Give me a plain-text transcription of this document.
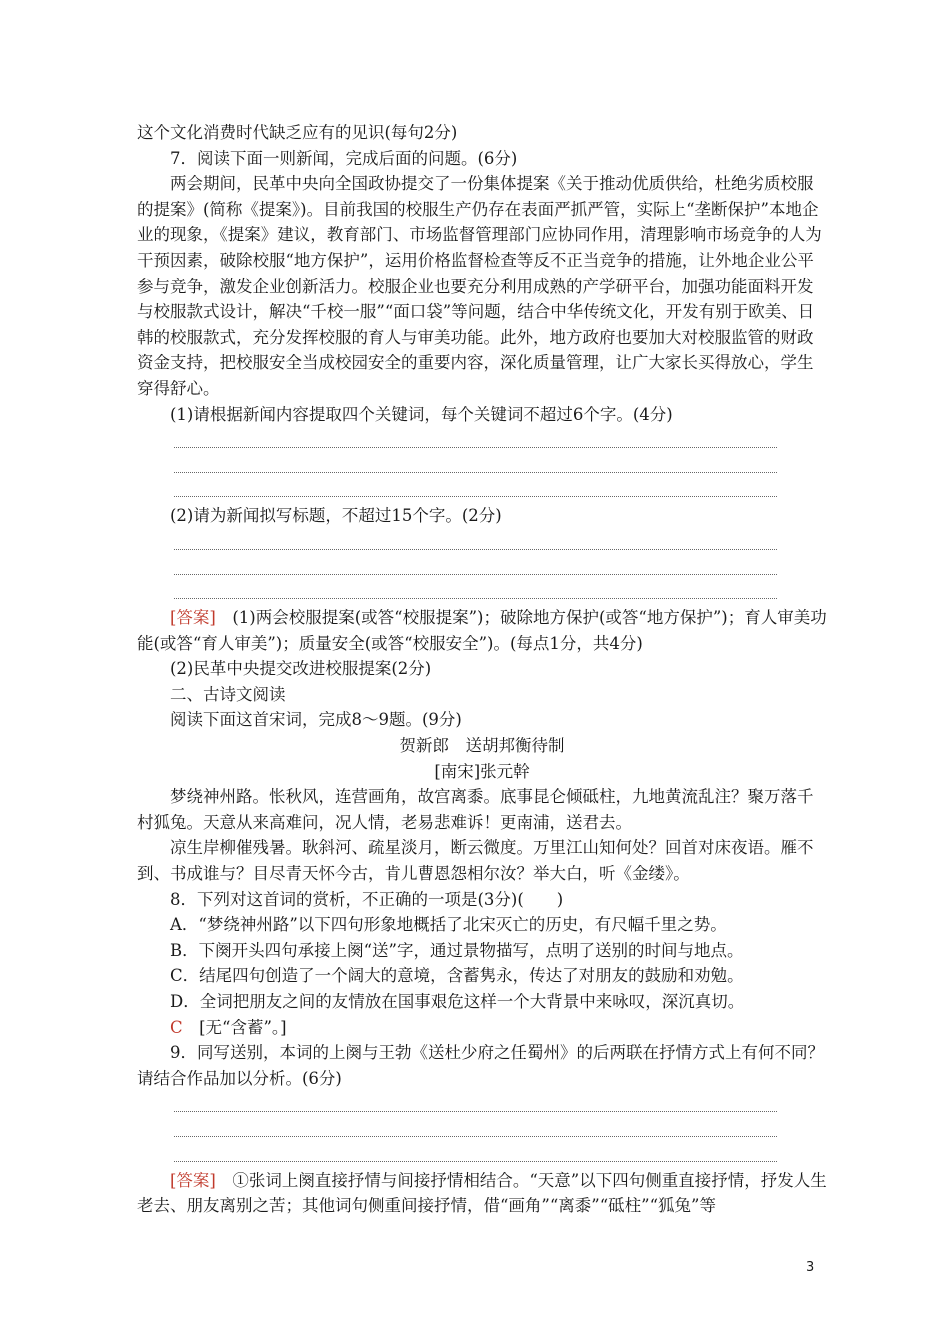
这个文化消费时代缺乏应有的见识(每句2分)

7．阅读下面一则新闻，完成后面的问题。(6分)

两会期间，民革中央向全国政协提交了一份集体提案《关于推动优质供给，杜绝劣质校服的提案》(简称《提案》)。目前我国的校服生产仍存在表面严抓严管，实际上“垄断保护”本地企业的现象，《提案》建议，教育部门、市场监督管理部门应协同作用，清理影响市场竞争的人为干预因素，破除校服“地方保护”，运用价格监督检查等反不正当竞争的措施，让外地企业公平参与竞争，激发企业创新活力。校服企业也要充分利用成熟的产学研平台，加强功能面料开发与校服款式设计，解决“千校一服”“面口袋”等问题，结合中华传统文化，开发有别于欧美、日韩的校服款式，充分发挥校服的育人与审美功能。此外，地方政府也要加大对校服监管的财政资金支持，把校服安全当成校园安全的重要内容，深化质量管理，让广大家长买得放心，学生穿得舒心。

(1)请根据新闻内容提取四个关键词，每个关键词不超过6个字。(4分)

(2)请为新闻拟写标题，不超过15个字。(2分)

[答案]　(1)两会校服提案(或答“校服提案”)；破除地方保护(或答“地方保护”)；育人审美功能(或答“育人审美”)；质量安全(或答“校服安全”)。(每点1分，共4分)

(2)民革中央提交改进校服提案(2分)

二、古诗文阅读

阅读下面这首宋词，完成8～9题。(9分)

贺新郎　送胡邦衡待制

[南宋]张元幹

梦绕神州路。怅秋风，连营画角，故宫离黍。底事昆仑倾砥柱，九地黄流乱注？聚万落千村狐兔。天意从来高难问，况人情，老易悲难诉！更南浦，送君去。

凉生岸柳催残暑。耿斜河、疏星淡月，断云微度。万里江山知何处？回首对床夜语。雁不到、书成谁与？目尽青天怀今古，肯儿曹恩怨相尔汝？举大白，听《金缕》。

8．下列对这首词的赏析，不正确的一项是(3分)(　　)

A．“梦绕神州路”以下四句形象地概括了北宋灭亡的历史，有尺幅千里之势。

B．下阕开头四句承接上阕“送”字，通过景物描写，点明了送别的时间与地点。

C．结尾四句创造了一个阔大的意境，含蓄隽永，传达了对朋友的鼓励和劝勉。

D．全词把朋友之间的友情放在国事艰危这样一个大背景中来咏叹，深沉真切。

C　[无“含蓄”。]

9．同写送别，本词的上阕与王勃《送杜少府之任蜀州》的后两联在抒情方式上有何不同？请结合作品加以分析。(6分)

[答案]　①张词上阕直接抒情与间接抒情相结合。“天意”以下四句侧重直接抒情，抒发人生老去、朋友离别之苦；其他词句侧重间接抒情，借“画角”“离黍”“砥柱”“狐兔”等

3
